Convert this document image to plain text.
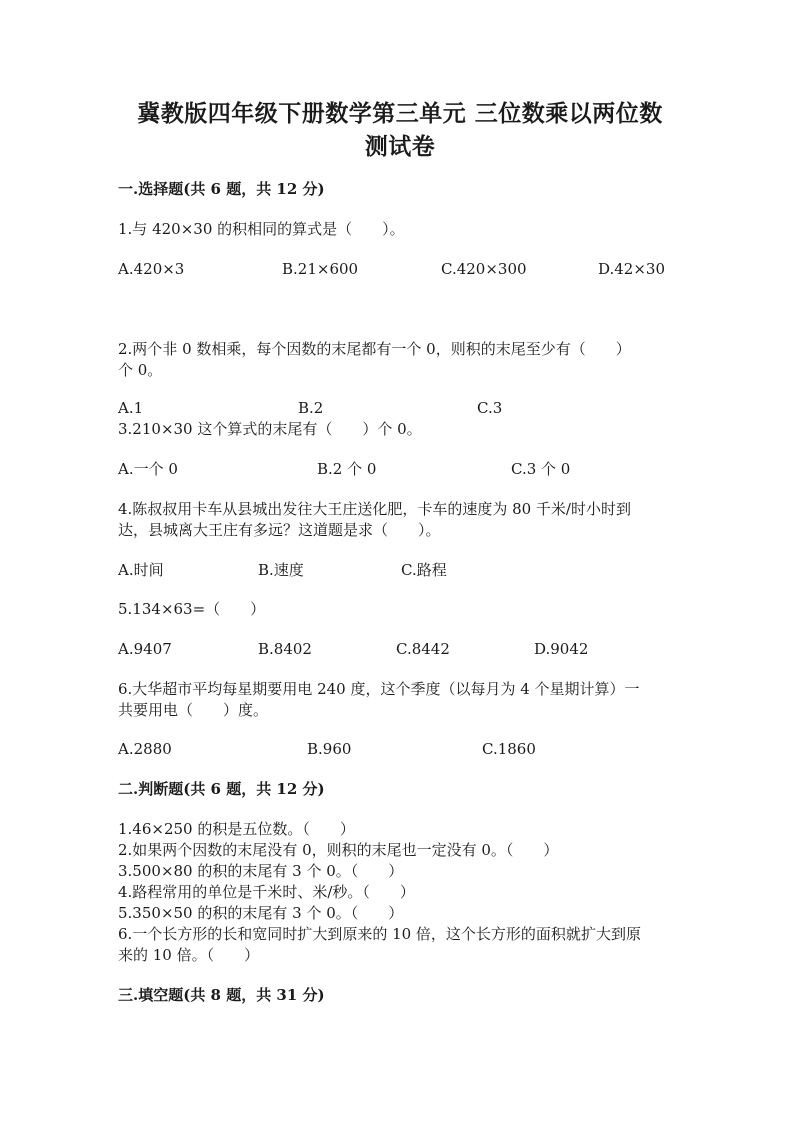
冀教版四年级下册数学第三单元 三位数乘以两位数
测试卷
一.选择题(共 6 题，共 12 分)
1.与 420×30 的积相同的算式是（　　）。
A.420×3	B.21×600	C.420×300	D.42×30
2.两个非 0 数相乘，每个因数的末尾都有一个 0，则积的末尾至少有（　　）
个 0。
A.1	B.2	C.3
3.210×30 这个算式的末尾有（　　）个 0。
A.一个 0	B.2 个 0	C.3 个 0
4.陈叔叔用卡车从县城出发往大王庄送化肥，卡车的速度为 80 千米/时小时到
达，县城离大王庄有多远？这道题是求（　　）。
A.时间	B.速度	C.路程
5.134×63=（　　）
A.9407	B.8402	C.8442	D.9042
6.大华超市平均每星期要用电 240 度，这个季度（以每月为 4 个星期计算）一
共要用电（　　）度。
A.2880	B.960	C.1860
二.判断题(共 6 题，共 12 分)
1.46×250 的积是五位数。（　　）
2.如果两个因数的末尾没有 0，则积的末尾也一定没有 0。（　　）
3.500×80 的积的末尾有 3 个 0。（　　）
4.路程常用的单位是千米时、米/秒。（　　）
5.350×50 的积的末尾有 3 个 0。（　　）
6.一个长方形的长和宽同时扩大到原来的 10 倍，这个长方形的面积就扩大到原
来的 10 倍。（　　）
三.填空题(共 8 题，共 31 分)
